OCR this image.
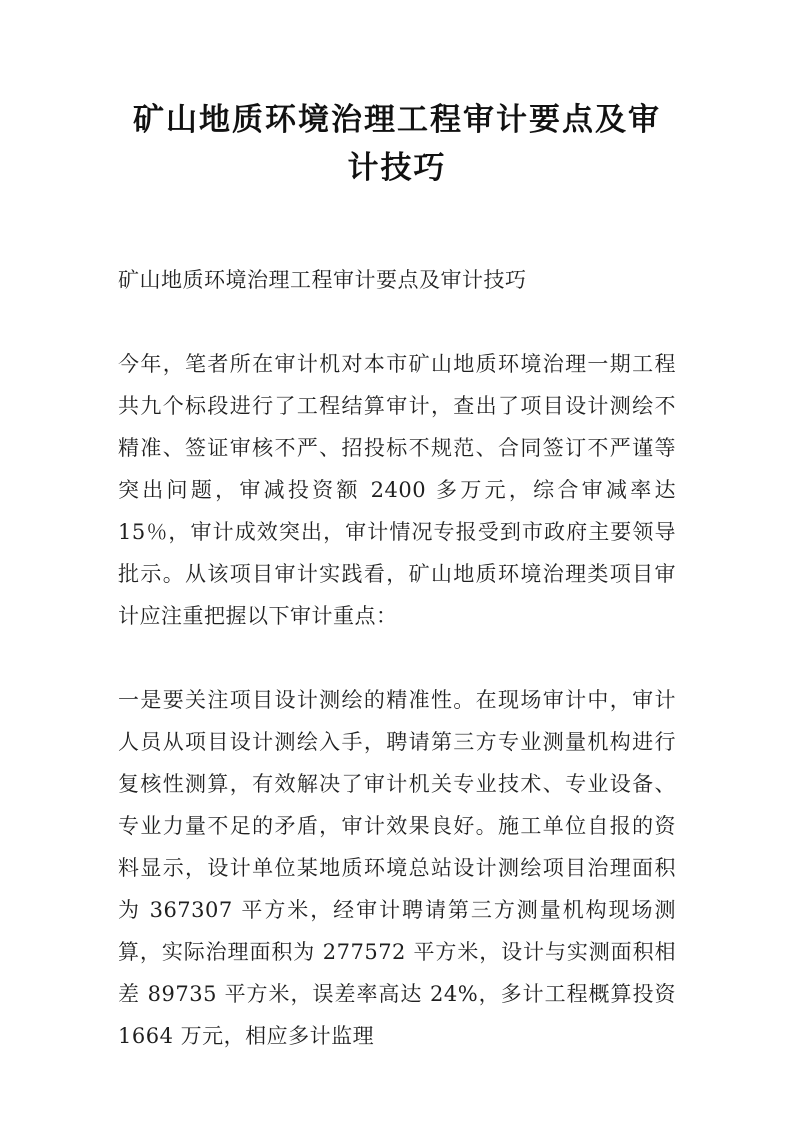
矿山地质环境治理工程审计要点及审计技巧

矿山地质环境治理工程审计要点及审计技巧

今年，笔者所在审计机对本市矿山地质环境治理一期工程共九个标段进行了工程结算审计，查出了项目设计测绘不精准、签证审核不严、招投标不规范、合同签订不严谨等突出问题，审减投资额 2400 多万元，综合审减率达 15％，审计成效突出，审计情况专报受到市政府主要领导批示。从该项目审计实践看，矿山地质环境治理类项目审计应注重把握以下审计重点：

一是要关注项目设计测绘的精准性。在现场审计中，审计人员从项目设计测绘入手，聘请第三方专业测量机构进行复核性测算，有效解决了审计机关专业技术、专业设备、专业力量不足的矛盾，审计效果良好。施工单位自报的资料显示，设计单位某地质环境总站设计测绘项目治理面积为 367307 平方米，经审计聘请第三方测量机构现场测算，实际治理面积为 277572 平方米，设计与实测面积相差 89735 平方米，误差率高达 24%，多计工程概算投资 1664 万元，相应多计监理
